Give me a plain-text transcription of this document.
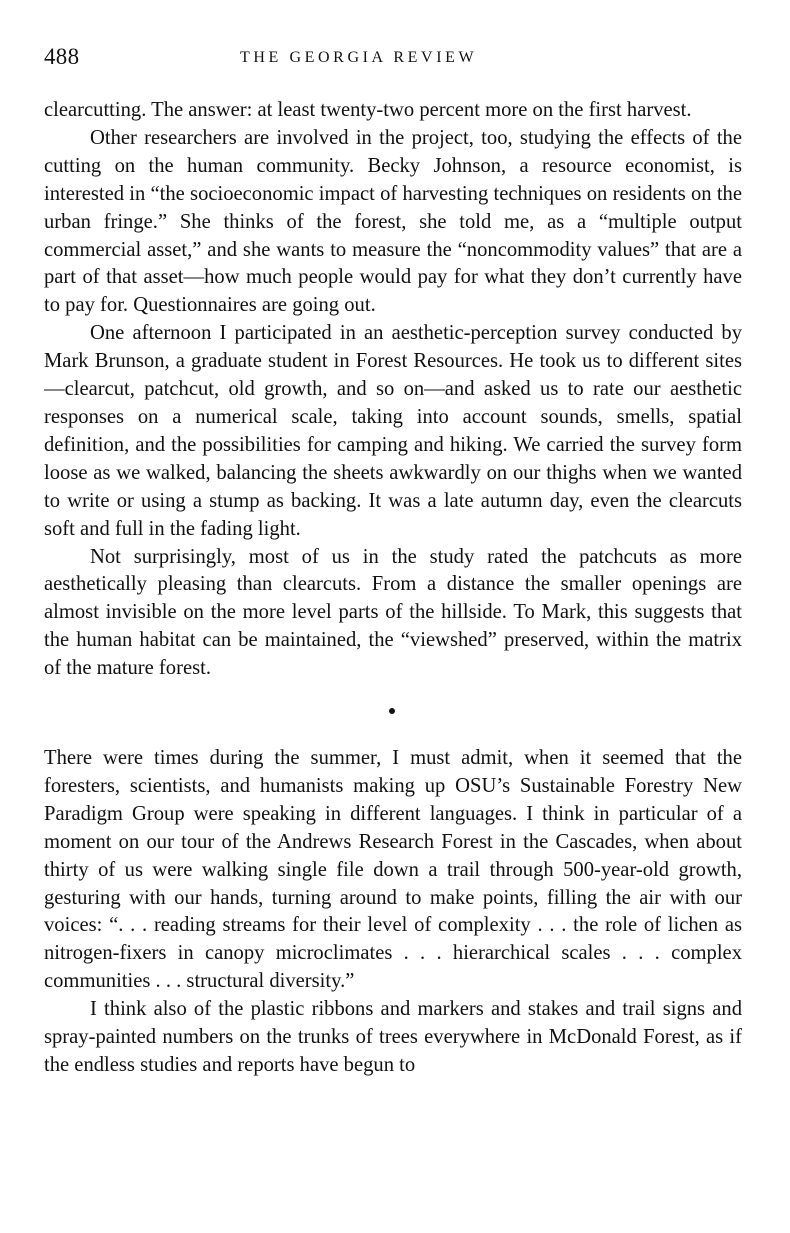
488	THE GEORGIA REVIEW

clearcutting. The answer: at least twenty-two percent more on the first harvest.

Other researchers are involved in the project, too, studying the effects of the cutting on the human community. Becky Johnson, a resource economist, is interested in “the socioeconomic impact of harvesting techniques on residents on the urban fringe.” She thinks of the forest, she told me, as a “multiple output commercial asset,” and she wants to measure the “noncommodity values” that are a part of that asset—how much people would pay for what they don’t currently have to pay for. Questionnaires are going out.

One afternoon I participated in an aesthetic-perception survey conducted by Mark Brunson, a graduate student in Forest Resources. He took us to different sites—clearcut, patchcut, old growth, and so on—and asked us to rate our aesthetic responses on a numerical scale, taking into account sounds, smells, spatial definition, and the possibilities for camping and hiking. We carried the survey form loose as we walked, balancing the sheets awkwardly on our thighs when we wanted to write or using a stump as backing. It was a late autumn day, even the clearcuts soft and full in the fading light.

Not surprisingly, most of us in the study rated the patchcuts as more aesthetically pleasing than clearcuts. From a distance the smaller openings are almost invisible on the more level parts of the hillside. To Mark, this suggests that the human habitat can be maintained, the “viewshed” preserved, within the matrix of the mature forest.

There were times during the summer, I must admit, when it seemed that the foresters, scientists, and humanists making up OSU’s Sustainable Forestry New Paradigm Group were speaking in different languages. I think in particular of a moment on our tour of the Andrews Research Forest in the Cascades, when about thirty of us were walking single file down a trail through 500-year-old growth, gesturing with our hands, turning around to make points, filling the air with our voices: “. . . reading streams for their level of complexity . . . the role of lichen as nitrogen-fixers in canopy microclimates . . . hierarchical scales . . . complex communities . . . structural diversity.”

I think also of the plastic ribbons and markers and stakes and trail signs and spray-painted numbers on the trunks of trees everywhere in McDonald Forest, as if the endless studies and reports have begun to
